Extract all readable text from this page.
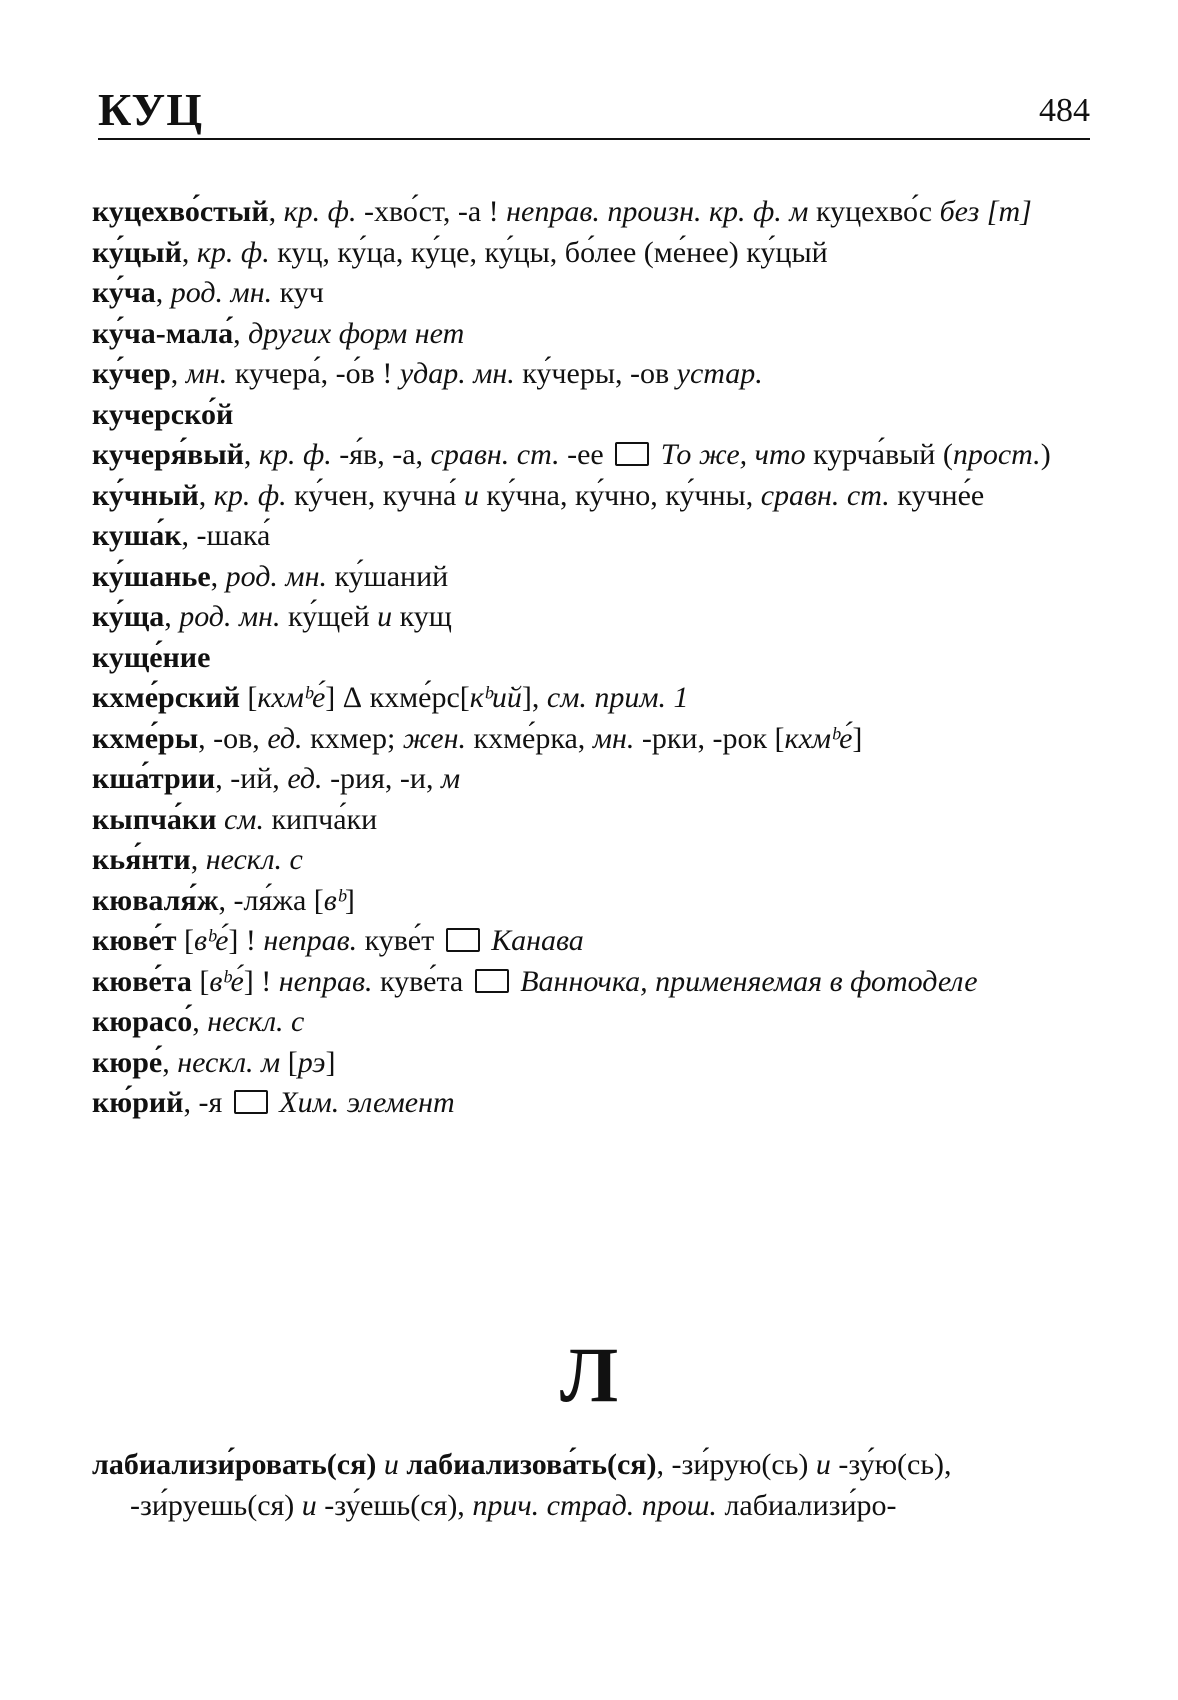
КУЦ	484
куцехво́стый, кр. ф. -хво́ст, -а ! неправ. произн. кр. ф. м куцехво́с без [т]
ку́цый, кр. ф. куц, ку́ца, ку́це, ку́цы, бо́лее (ме́нее) ку́цый
ку́ча, род. мн. куч
ку́ча-мала́, других форм нет
ку́чер, мн. кучера́, -о́в ! удар. мн. ку́черы, -ов устар.
кучерско́й
кучеря́вый, кр. ф. -я́в, -а, сравн. ст. -ее  То же, что курча́вый (прост.)
ку́чный, кр. ф. ку́чен, кучна́ и ку́чна, ку́чно, ку́чны, сравн. ст. кучне́е
куша́к, -шака́
ку́шанье, род. мн. ку́шаний
ку́ща, род. мн. ку́щей и кущ
куще́ние
кхме́рский [кхмᵇе́] Δ кхме́рс[кᵇий], см. прим. 1
кхме́ры, -ов, ед. кхмер; жен. кхме́рка, мн. -рки, -рок [кхмᵇе́]
кша́трии, -ий, ед. -рия, -и, м
кыпча́ки см. кипча́ки
кья́нти, нескл. с
кюваля́ж, -ля́жа [вᵇ]
кюве́т [вᵇе́] ! неправ. куве́т  Канава
кюве́та [вᵇе́] ! неправ. куве́та  Ванночка, применяемая в фотоделе
кюрасо́, нескл. с
кюре́, нескл. м [рэ]
кю́рий, -я  Хим. элемент
Л
лабиализи́ровать(ся) и лабиализова́ть(ся), -зи́рую(сь) и -зу́ю(сь), -зи́руешь(ся) и -зу́ешь(ся), прич. страд. прош. лабиализи́ро-
